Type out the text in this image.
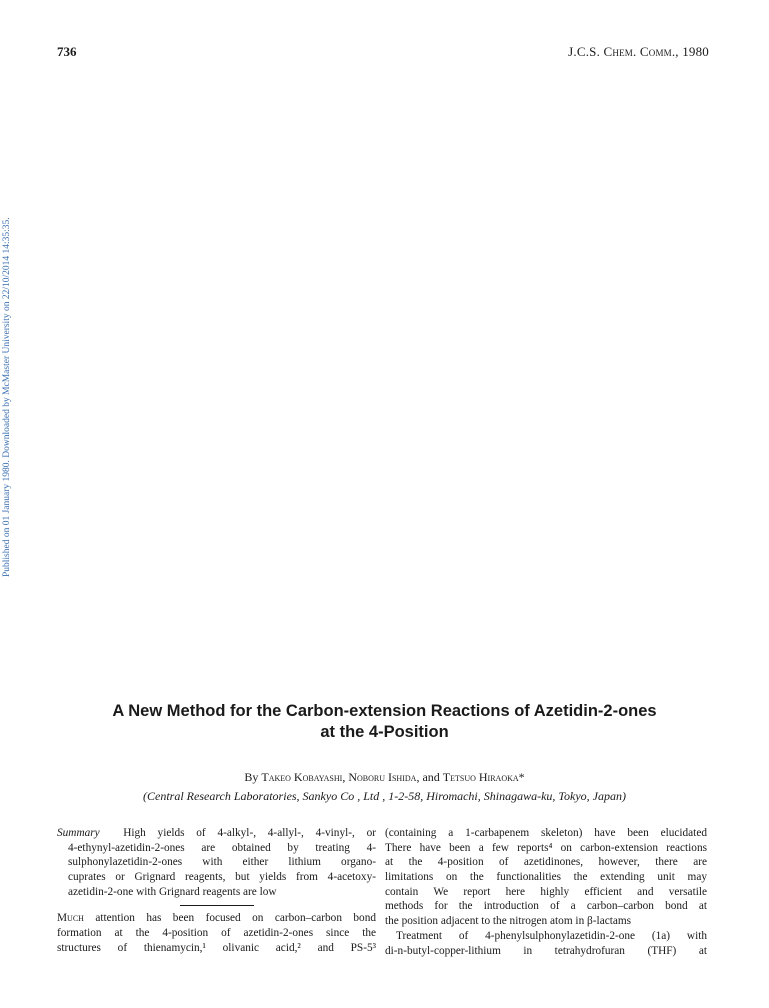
736	J.C.S. Chem. Comm., 1980
Published on 01 January 1980. Downloaded by McMaster University on 22/10/2014 14:35:35.
A New Method for the Carbon-extension Reactions of Azetidin-2-ones
at the 4-Position
By Takeo Kobayashi, Noboru Ishida, and Tetsuo Hiraoka*
(Central Research Laboratories, Sankyo Co , Ltd , 1-2-58, Hiromachi, Shinagawa-ku, Tokyo, Japan)
Summary High yields of 4-alkyl-, 4-allyl-, 4-vinyl-, or
4-ethynyl-azetidin-2-ones are obtained by treating 4-
sulphonylazetidin-2-ones with either lithium organo-
cuprates or Grignard reagents, but yields from 4-acetoxy-
azetidin-2-one with Grignard reagents are low
Much attention has been focused on carbon–carbon bond
formation at the 4-position of azetidin-2-ones since the
structures of thienamycin,¹ olivanic acid,² and PS-5³
(containing a 1-carbapenem skeleton) have been elucidated
There have been a few reports⁴ on carbon-extension reactions
at the 4-position of azetidinones, however, there are
limitations on the functionalities the extending unit may
contain We report here highly efficient and versatile
methods for the introduction of a carbon–carbon bond at
the position adjacent to the nitrogen atom in β-lactams
Treatment of 4-phenylsulphonylazetidin-2-one (1a) with
di-n-butyl-copper-lithium in tetrahydrofuran (THF) at
